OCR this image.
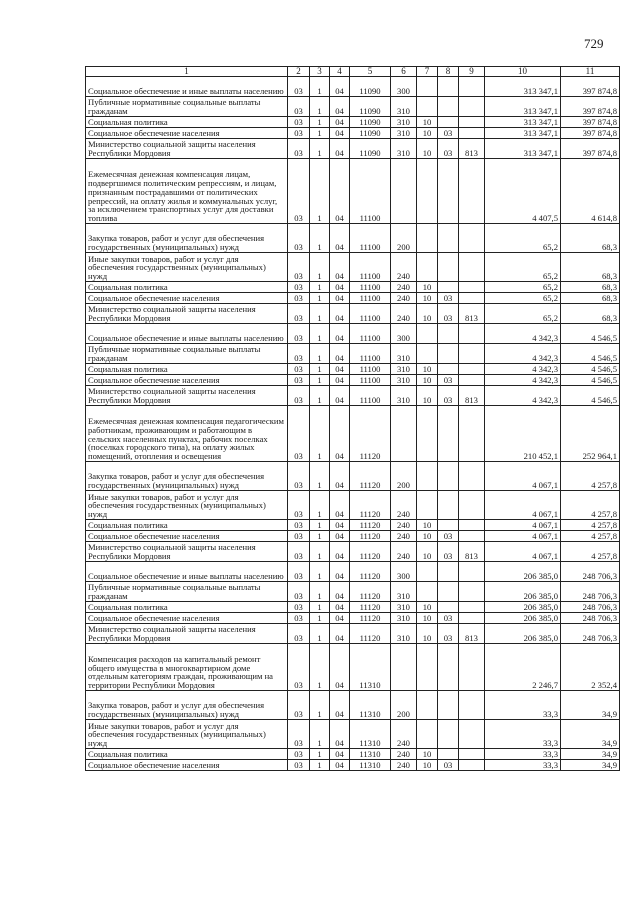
729
1	2	3	4	5	6	7	8	9	10	11
Социальное обеспечение и иные выплаты населению	03	1	04	11090	300				313 347,1	397 874,8
Публичные нормативные социальные выплаты гражданам	03	1	04	11090	310				313 347,1	397 874,8
Социальная политика	03	1	04	11090	310	10			313 347,1	397 874,8
Социальное обеспечение населения	03	1	04	11090	310	10	03		313 347,1	397 874,8
Министерство социальной защиты населения Республики Мордовия	03	1	04	11090	310	10	03	813	313 347,1	397 874,8
Ежемесячная денежная компенсация лицам, подвергшимся политическим репрессиям, и лицам, признанным пострадавшими от политических репрессий, на оплату жилья и коммунальных услуг, за исключением транспортных услуг для доставки топлива	03	1	04	11100					4 407,5	4 614,8
Закупка товаров, работ и услуг для обеспечения государственных (муниципальных) нужд	03	1	04	11100	200				65,2	68,3
Иные закупки товаров, работ и услуг для обеспечения государственных (муниципальных) нужд	03	1	04	11100	240				65,2	68,3
Социальная политика	03	1	04	11100	240	10			65,2	68,3
Социальное обеспечение населения	03	1	04	11100	240	10	03		65,2	68,3
Министерство социальной защиты населения Республики Мордовия	03	1	04	11100	240	10	03	813	65,2	68,3
Социальное обеспечение и иные выплаты населению	03	1	04	11100	300				4 342,3	4 546,5
Публичные нормативные социальные выплаты гражданам	03	1	04	11100	310				4 342,3	4 546,5
Социальная политика	03	1	04	11100	310	10			4 342,3	4 546,5
Социальное обеспечение населения	03	1	04	11100	310	10	03		4 342,3	4 546,5
Министерство социальной защиты населения Республики Мордовия	03	1	04	11100	310	10	03	813	4 342,3	4 546,5
Ежемесячная денежная компенсация педагогическим работникам, проживающим и работающим в сельских населенных пунктах, рабочих поселках (поселках городского типа), на оплату жилых помещений, отопления и освещения	03	1	04	11120					210 452,1	252 964,1
Закупка товаров, работ и услуг для обеспечения государственных (муниципальных) нужд	03	1	04	11120	200				4 067,1	4 257,8
Иные закупки товаров, работ и услуг для обеспечения государственных (муниципальных) нужд	03	1	04	11120	240				4 067,1	4 257,8
Социальная политика	03	1	04	11120	240	10			4 067,1	4 257,8
Социальное обеспечение населения	03	1	04	11120	240	10	03		4 067,1	4 257,8
Министерство социальной защиты населения Республики Мордовия	03	1	04	11120	240	10	03	813	4 067,1	4 257,8
Социальное обеспечение и иные выплаты населению	03	1	04	11120	300				206 385,0	248 706,3
Публичные нормативные социальные выплаты гражданам	03	1	04	11120	310				206 385,0	248 706,3
Социальная политика	03	1	04	11120	310	10			206 385,0	248 706,3
Социальное обеспечение населения	03	1	04	11120	310	10	03		206 385,0	248 706,3
Министерство социальной защиты населения Республики Мордовия	03	1	04	11120	310	10	03	813	206 385,0	248 706,3
Компенсация расходов на капитальный ремонт общего имущества в многоквартирном доме отдельным категориям граждан, проживающим на территории Республики Мордовия	03	1	04	11310					2 246,7	2 352,4
Закупка товаров, работ и услуг для обеспечения государственных (муниципальных) нужд	03	1	04	11310	200				33,3	34,9
Иные закупки товаров, работ и услуг для обеспечения государственных (муниципальных) нужд	03	1	04	11310	240				33,3	34,9
Социальная политика	03	1	04	11310	240	10			33,3	34,9
Социальное обеспечение населения	03	1	04	11310	240	10	03		33,3	34,9
